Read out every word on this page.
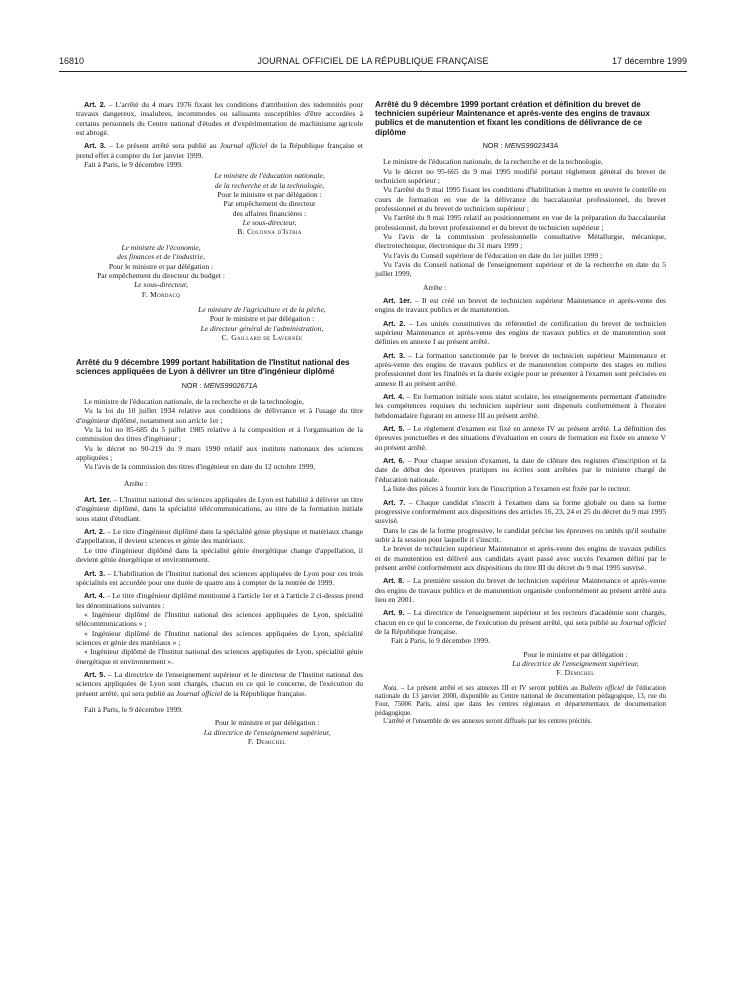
16810	JOURNAL OFFICIEL DE LA RÉPUBLIQUE FRANÇAISE	17 décembre 1999

Art. 2. – L'arrêté du 4 mars 1976 fixant les conditions d'attribution des indemnités pour travaux dangereux, insalubres, incommodes ou salissants susceptibles d'être accordées à certains personnels du Centre national d'études et d'expérimentation de machinisme agricole est abrogé.

Art. 3. – Le présent arrêté sera publié au Journal officiel de la République française et prend effet à compter du 1er janvier 1999.

Fait à Paris, le 9 décembre 1999.

Le ministre de l'éducation nationale,

de la recherche et de la technologie,

Pour le ministre et par délégation :

Par empêchement du directeur

des affaires financières :

Le sous-directeur,

B. Colonna d'Istria

Le ministre de l'économie,

des finances et de l'industrie,

Pour le ministre et par délégation :

Par empêchement du directeur du budget :

Le sous-directeur,

F. Mordacq

Le ministre de l'agriculture et de la pêche,

Pour le ministre et par délégation :

Le directeur général de l'administration,

C. Gaillard de Lavernée

Arrêté du 9 décembre 1999 portant habilitation de l'Institut national des sciences appliquées de Lyon à délivrer un titre d'ingénieur diplômé

NOR : MENS9902671A

Le ministre de l'éducation nationale, de la recherche et de la technologie,

Vu la loi du 10 juillet 1934 relative aux conditions de délivrance et à l'usage du titre d'ingénieur diplômé, notamment son article 1er ;

Vu la loi no 85-685 du 5 juillet 1985 relative à la composition et à l'organisation de la commission des titres d'ingénieur ;

Vu le décret no 90-219 du 9 mars 1990 relatif aux instituts nationaux des sciences appliquées ;

Vu l'avis de la commission des titres d'ingénieur en date du 12 octobre 1999,

Arrête :

Art. 1er. – L'Institut national des sciences appliquées de Lyon est habilité à délivrer un titre d'ingénieur diplômé, dans la spécialité télécommunications, au titre de la formation initiale sous statut d'étudiant.

Art. 2. – Le titre d'ingénieur diplômé dans la spécialité génie physique et matériaux change d'appellation, il devient sciences et génie des matériaux.

Le titre d'ingénieur diplômé dans la spécialité génie énergétique change d'appellation, il devient génie énergétique et environnement.

Art. 3. – L'habilitation de l'Institut national des sciences appliquées de Lyon pour ces trois spécialités est accordée pour une durée de quatre ans à compter de la rentrée de 1999.

Art. 4. – Le titre d'ingénieur diplômé mentionné à l'article 1er et à l'article 2 ci-dessus prend les dénominations suivantes :

« Ingénieur diplômé de l'Institut national des sciences appliquées de Lyon, spécialité télécommunications » ;

« Ingénieur diplômé de l'Institut national des sciences appliquées de Lyon, spécialité sciences et génie des matériaux » ;

« Ingénieur diplômé de l'Institut national des sciences appliquées de Lyon, spécialité génie énergétique et environnement ».

Art. 5. – La directrice de l'enseignement supérieur et le directeur de l'Institut national des sciences appliquées de Lyon sont chargés, chacun en ce qui le concerne, de l'exécution du présent arrêté, qui sera publié au Journal officiel de la République française.

Fait à Paris, le 9 décembre 1999.

Pour le ministre et par délégation :

La directrice de l'enseignement supérieur,

F. Demichel

Arrêté du 9 décembre 1999 portant création et définition du brevet de technicien supérieur Maintenance et après-vente des engins de travaux publics et de manutention et fixant les conditions de délivrance de ce diplôme

NOR : MENS9902343A

Le ministre de l'éducation nationale, de la recherche et de la technologie,

Vu le décret no 95-665 du 9 mai 1995 modifié portant règlement général du brevet de technicien supérieur ;

Vu l'arrêté du 9 mai 1995 fixant les conditions d'habilitation à mettre en œuvre le contrôle en cours de formation en vue de la délivrance du baccalauréat professionnel, du brevet professionnel et du brevet de technicien supérieur ;

Vu l'arrêté du 9 mai 1995 relatif au positionnement en vue de la préparation du baccalauréat professionnel, du brevet professionnel et du brevet de technicien supérieur ;

Vu l'avis de la commission professionnelle consultative Métallurgie, mécanique, électrotechnique, électronique du 31 mars 1999 ;

Vu l'avis du Conseil supérieur de l'éducation en date du 1er juillet 1999 ;

Vu l'avis du Conseil national de l'enseignement supérieur et de la recherche en date du 5 juillet 1999,

Arrête :

Art. 1er. – Il est créé un brevet de technicien supérieur Maintenance et après-vente des engins de travaux publics et de manutention.

Art. 2. – Les unités constitutives du référentiel de certification du brevet de technicien supérieur Maintenance et après-vente des engins de travaux publics et de manutention sont définies en annexe I au présent arrêté.

Art. 3. – La formation sanctionnée par le brevet de technicien supérieur Maintenance et après-vente des engins de travaux publics et de manutention comporte des stages en milieu professionnel dont les finalités et la durée exigée pour se présenter à l'examen sont précisées en annexe II au présent arrêté.

Art. 4. – En formation initiale sous statut scolaire, les enseignements permettant d'atteindre les compétences requises du technicien supérieur sont dispensés conformément à l'horaire hebdomadaire figurant en annexe III au présent arrêté.

Art. 5. – Le règlement d'examen est fixé en annexe IV au présent arrêté. La définition des épreuves ponctuelles et des situations d'évaluation en cours de formation est fixée en annexe V au présent arrêté.

Art. 6. – Pour chaque session d'examen, la date de clôture des registres d'inscription et la date de début des épreuves pratiques ou écrites sont arrêtées par le ministre chargé de l'éducation nationale.

La liste des pièces à fournir lors de l'inscription à l'examen est fixée par le recteur.

Art. 7. – Chaque candidat s'inscrit à l'examen dans sa forme globale ou dans sa forme progressive conformément aux dispositions des articles 16, 23, 24 et 25 du décret du 9 mai 1995 susvisé.

Dans le cas de la forme progressive, le candidat précise les épreuves ou unités qu'il souhaite subir à la session pour laquelle il s'inscrit.

Le brevet de technicien supérieur Maintenance et après-vente des engins de travaux publics et de manutention est délivré aux candidats ayant passé avec succès l'examen défini par le présent arrêté conformément aux dispositions du titre III du décret du 9 mai 1995 susvisé.

Art. 8. – La première session du brevet de technicien supérieur Maintenance et après-vente des engins de travaux publics et de manutention organisée conformément au présent arrêté aura lieu en 2001.

Art. 9. – La directrice de l'enseignement supérieur et les recteurs d'académie sont chargés, chacun en ce qui le concerne, de l'exécution du présent arrêté, qui sera publié au Journal officiel de la République française.

Fait à Paris, le 9 décembre 1999.

Pour le ministre et par délégation :

La directrice de l'enseignement supérieur,

F. Demichel

Nota. – Le présent arrêté et ses annexes III et IV seront publiés au Bulletin officiel de l'éducation nationale du 13 janvier 2000, disponible au Centre national de documentation pédagogique, 13, rue du Four, 75006 Paris, ainsi que dans les centres régionaux et départementaux de documentation pédagogique.

L'arrêté et l'ensemble de ses annexes seront diffusés par les centres précités.
